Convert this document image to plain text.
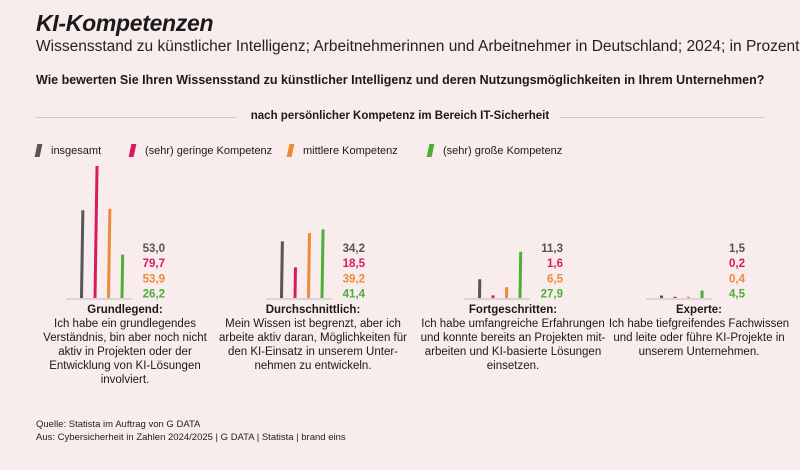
KI-Kompetenzen
Wissensstand zu künstlicher Intelligenz; Arbeitnehmerinnen und Arbeitnehmer in Deutschland; 2024; in Prozent
Wie bewerten Sie Ihren Wissensstand zu künstlicher Intelligenz und deren Nutzungsmöglichkeiten in Ihrem Unternehmen?
nach persönlicher Kompetenz im Bereich IT-Sicherheit
insgesamt	(sehr) geringe Kompetenz	mittlere Kompetenz	(sehr) große Kompetenz
53,0
79,7
53,9
26,2
34,2
18,5
39,2
41,4
11,3
1,6
6,5
27,9
1,5
0,2
0,4
4,5
Grundlegend:
Ich habe ein grundlegendes Verständnis, bin aber noch nicht aktiv in Projekten oder der Entwicklung von KI-Lösungen involviert.
Durchschnittlich:
Mein Wissen ist begrenzt, aber ich arbeite aktiv daran, Möglichkeiten für den KI-Einsatz in unserem Unter-nehmen zu entwickeln.
Fortgeschritten:
Ich habe umfangreiche Erfahrungen und konnte bereits an Projekten mit-arbeiten und KI-basierte Lösungen einsetzen.
Experte:
Ich habe tiefgreifendes Fachwissen und leite oder führe KI-Projekte in unserem Unternehmen.
Quelle: Statista im Auftrag von G DATA
Aus: Cybersicherheit in Zahlen 2024/2025 | G DATA | Statista | brand eins
